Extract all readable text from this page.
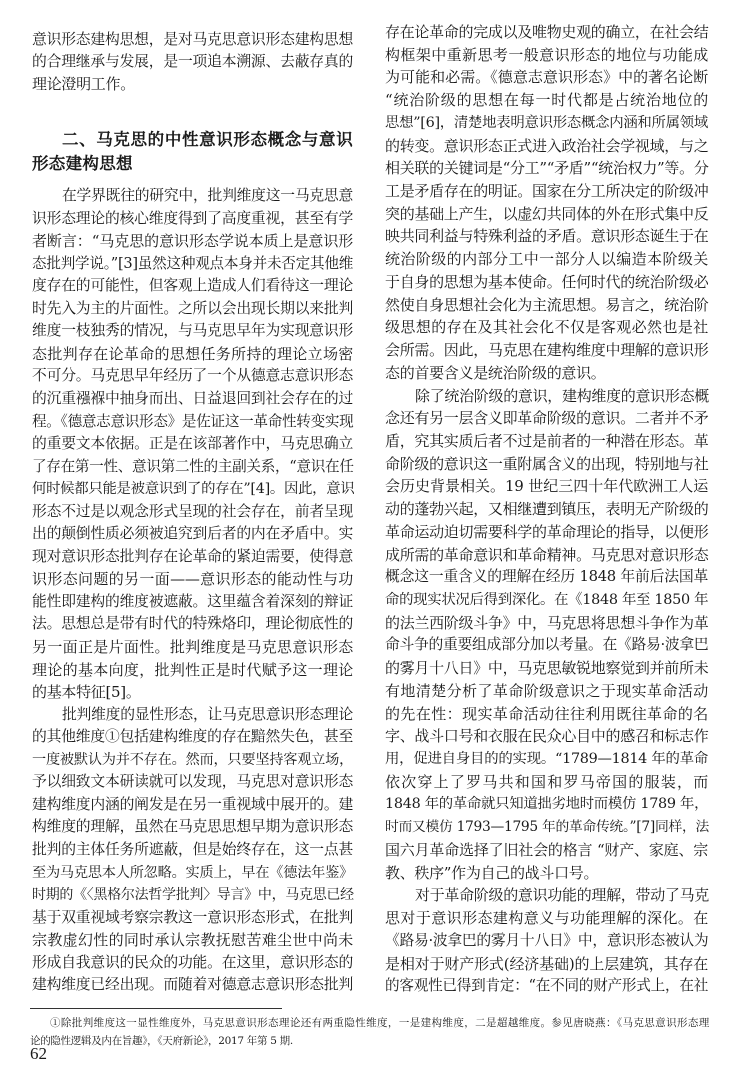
意识形态建构思想，是对马克思意识形态建构思想
的合理继承与发展，是一项追本溯源、去蔽存真的
理论澄明工作。
在学界既往的研究中，批判维度这一马克思意
识形态理论的核心维度得到了高度重视，甚至有学
者断言：“马克思的意识形态学说本质上是意识形
态批判学说。”[3]虽然这种观点本身并未否定其他维
度存在的可能性，但客观上造成人们看待这一理论
时先入为主的片面性。之所以会出现长期以来批判
维度一枝独秀的情况，与马克思早年为实现意识形
态批判存在论革命的思想任务所持的理论立场密
不可分。马克思早年经历了一个从德意志意识形态
的沉重襁褓中抽身而出、日益退回到社会存在的过
程。《德意志意识形态》是佐证这一革命性转变实现
的重要文本依据。正是在该部著作中，马克思确立
了存在第一性、意识第二性的主副关系，“意识在任
何时候都只能是被意识到了的存在”[4]。因此，意识
形态不过是以观念形式呈现的社会存在，前者呈现
出的颠倒性质必须被追究到后者的内在矛盾中。实
现对意识形态批判存在论革命的紧迫需要，使得意
识形态问题的另一面——意识形态的能动性与功
能性即建构的维度被遮蔽。这里蕴含着深刻的辩证
法。思想总是带有时代的特殊烙印，理论彻底性的
另一面正是片面性。批判维度是马克思意识形态
理论的基本向度，批判性正是时代赋予这一理论
的基本特征[5]。
批判维度的显性形态，让马克思意识形态理论
的其他维度①包括建构维度的存在黯然失色，甚至
一度被默认为并不存在。然而，只要坚持客观立场，
予以细致文本研读就可以发现，马克思对意识形态
建构维度内涵的阐发是在另一重视域中展开的。建
构维度的理解，虽然在马克思思想早期为意识形态
批判的主体任务所遮蔽，但是始终存在，这一点甚
至为马克思本人所忽略。实质上，早在《德法年鉴》
时期的《〈黑格尔法哲学批判〉导言》中，马克思已经
基于双重视域考察宗教这一意识形态形式，在批判
宗教虚幻性的同时承认宗教抚慰苦难尘世中尚未
形成自我意识的民众的功能。在这里，意识形态的
建构维度已经出现。而随着对德意志意识形态批判
存在论革命的完成以及唯物史观的确立，在社会结
构框架中重新思考一般意识形态的地位与功能成
为可能和必需。《德意志意识形态》中的著名论断
“统治阶级的思想在每一时代都是占统治地位的
思想”[6]，清楚地表明意识形态概念内涵和所属领域
的转变。意识形态正式进入政治社会学视域，与之
相关联的关键词是“分工”“矛盾”“统治权力”等。分
工是矛盾存在的明证。国家在分工所决定的阶级冲
突的基础上产生，以虚幻共同体的外在形式集中反
映共同利益与特殊利益的矛盾。意识形态诞生于在
统治阶级的内部分工中一部分人以编造本阶级关
于自身的思想为基本使命。任何时代的统治阶级必
然使自身思想社会化为主流思想。易言之，统治阶
级思想的存在及其社会化不仅是客观必然也是社
会所需。因此，马克思在建构维度中理解的意识形
态的首要含义是统治阶级的意识。
除了统治阶级的意识，建构维度的意识形态概
念还有另一层含义即革命阶级的意识。二者并不矛
盾，究其实质后者不过是前者的一种潜在形态。革
命阶级的意识这一重附属含义的出现，特别地与社
会历史背景相关。19 世纪三四十年代欧洲工人运
动的蓬勃兴起，又相继遭到镇压，表明无产阶级的
革命运动迫切需要科学的革命理论的指导，以便形
成所需的革命意识和革命精神。马克思对意识形态
概念这一重含义的理解在经历 1848 年前后法国革
命的现实状况后得到深化。在《1848 年至 1850 年
的法兰西阶级斗争》中，马克思将思想斗争作为革
命斗争的重要组成部分加以考量。在《路易·波拿巴
的雾月十八日》中，马克思敏锐地察觉到并前所未
有地清楚分析了革命阶级意识之于现实革命活动
的先在性：现实革命活动往往利用既往革命的名
字、战斗口号和衣服在民众心目中的感召和标志作
用，促进自身目的的实现。“1789—1814 年的革命
依次穿上了罗马共和国和罗马帝国的服装，而
1848 年的革命就只知道拙劣地时而模仿 1789 年，
时而又模仿 1793—1795 年的革命传统。”[7]同样，法
国六月革命选择了旧社会的格言 “财产、家庭、宗
教、秩序”作为自己的战斗口号。
对于革命阶级的意识功能的理解，带动了马克
思对于意识形态建构意义与功能理解的深化。在
《路易·波拿巴的雾月十八日》中，意识形态被认为
是相对于财产形式(经济基础)的上层建筑，其存在
的客观性已得到肯定：“在不同的财产形式上，在社
二、马克思的中性意识形态概念与意识
形态建构思想
①除批判维度这一显性维度外，马克思意识形态理论还有两重隐性维度，一是建构维度，二是超越维度。参见唐晓燕：《马克思意识形态理
论的隐性逻辑及内在旨趣》，《天府新论》，2017 年第 5 期.
62
